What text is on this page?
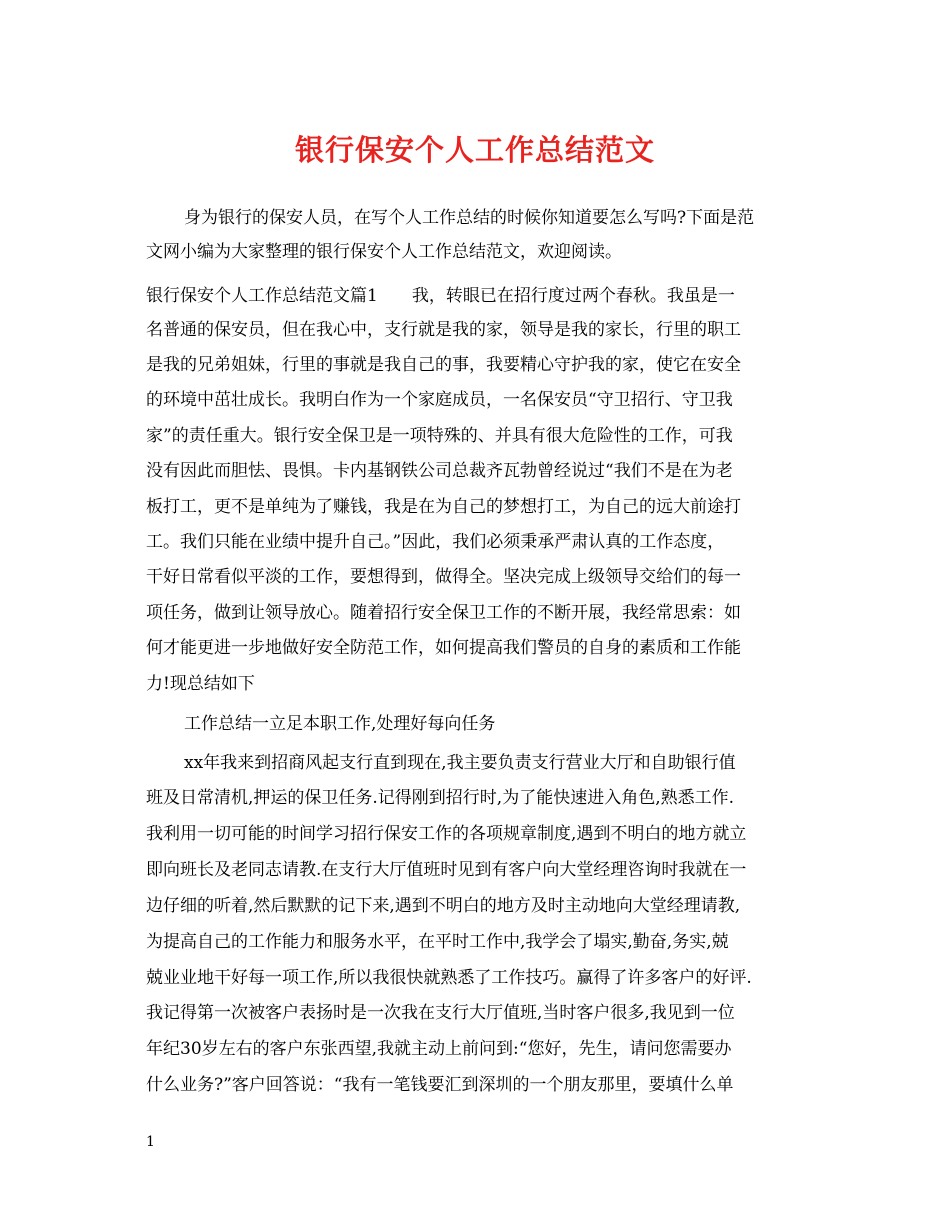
银行保安个人工作总结范文
身为银行的保安人员，在写个人工作总结的时候你知道要怎么写吗?下面是范
文网小编为大家整理的银行保安个人工作总结范文，欢迎阅读。
银行保安个人工作总结范文篇1　　我，转眼已在招行度过两个春秋。我虽是一
名普通的保安员，但在我心中，支行就是我的家，领导是我的家长，行里的职工
是我的兄弟姐妹，行里的事就是我自己的事，我要精心守护我的家，使它在安全
的环境中茁壮成长。我明白作为一个家庭成员，一名保安员“守卫招行、守卫我
家”的责任重大。银行安全保卫是一项特殊的、并具有很大危险性的工作，可我
没有因此而胆怯、畏惧。卡内基钢铁公司总裁齐瓦勃曾经说过“我们不是在为老
板打工，更不是单纯为了赚钱，我是在为自己的梦想打工，为自己的远大前途打
工。我们只能在业绩中提升自己。”因此，我们必须秉承严肃认真的工作态度，
干好日常看似平淡的工作，要想得到，做得全。坚决完成上级领导交给们的每一
项任务，做到让领导放心。随着招行安全保卫工作的不断开展，我经常思索：如
何才能更进一步地做好安全防范工作，如何提高我们警员的自身的素质和工作能
力!现总结如下
工作总结一立足本职工作,处理好每向任务
xx年我来到招商风起支行直到现在,我主要负责支行营业大厅和自助银行值
班及日常清机,押运的保卫任务.记得刚到招行时,为了能快速进入角色,熟悉工作.
我利用一切可能的时间学习招行保安工作的各项规章制度,遇到不明白的地方就立
即向班长及老同志请教.在支行大厅值班时见到有客户向大堂经理咨询时我就在一
边仔细的听着,然后默默的记下来,遇到不明白的地方及时主动地向大堂经理请教,
为提高自己的工作能力和服务水平，在平时工作中,我学会了塌实,勤奋,务实,兢
兢业业地干好每一项工作,所以我很快就熟悉了工作技巧。赢得了许多客户的好评.
我记得第一次被客户表扬时是一次我在支行大厅值班,当时客户很多,我见到一位
年纪30岁左右的客户东张西望,我就主动上前问到:“您好，先生，请问您需要办
什么业务?”客户回答说：“我有一笔钱要汇到深圳的一个朋友那里，要填什么单
1
